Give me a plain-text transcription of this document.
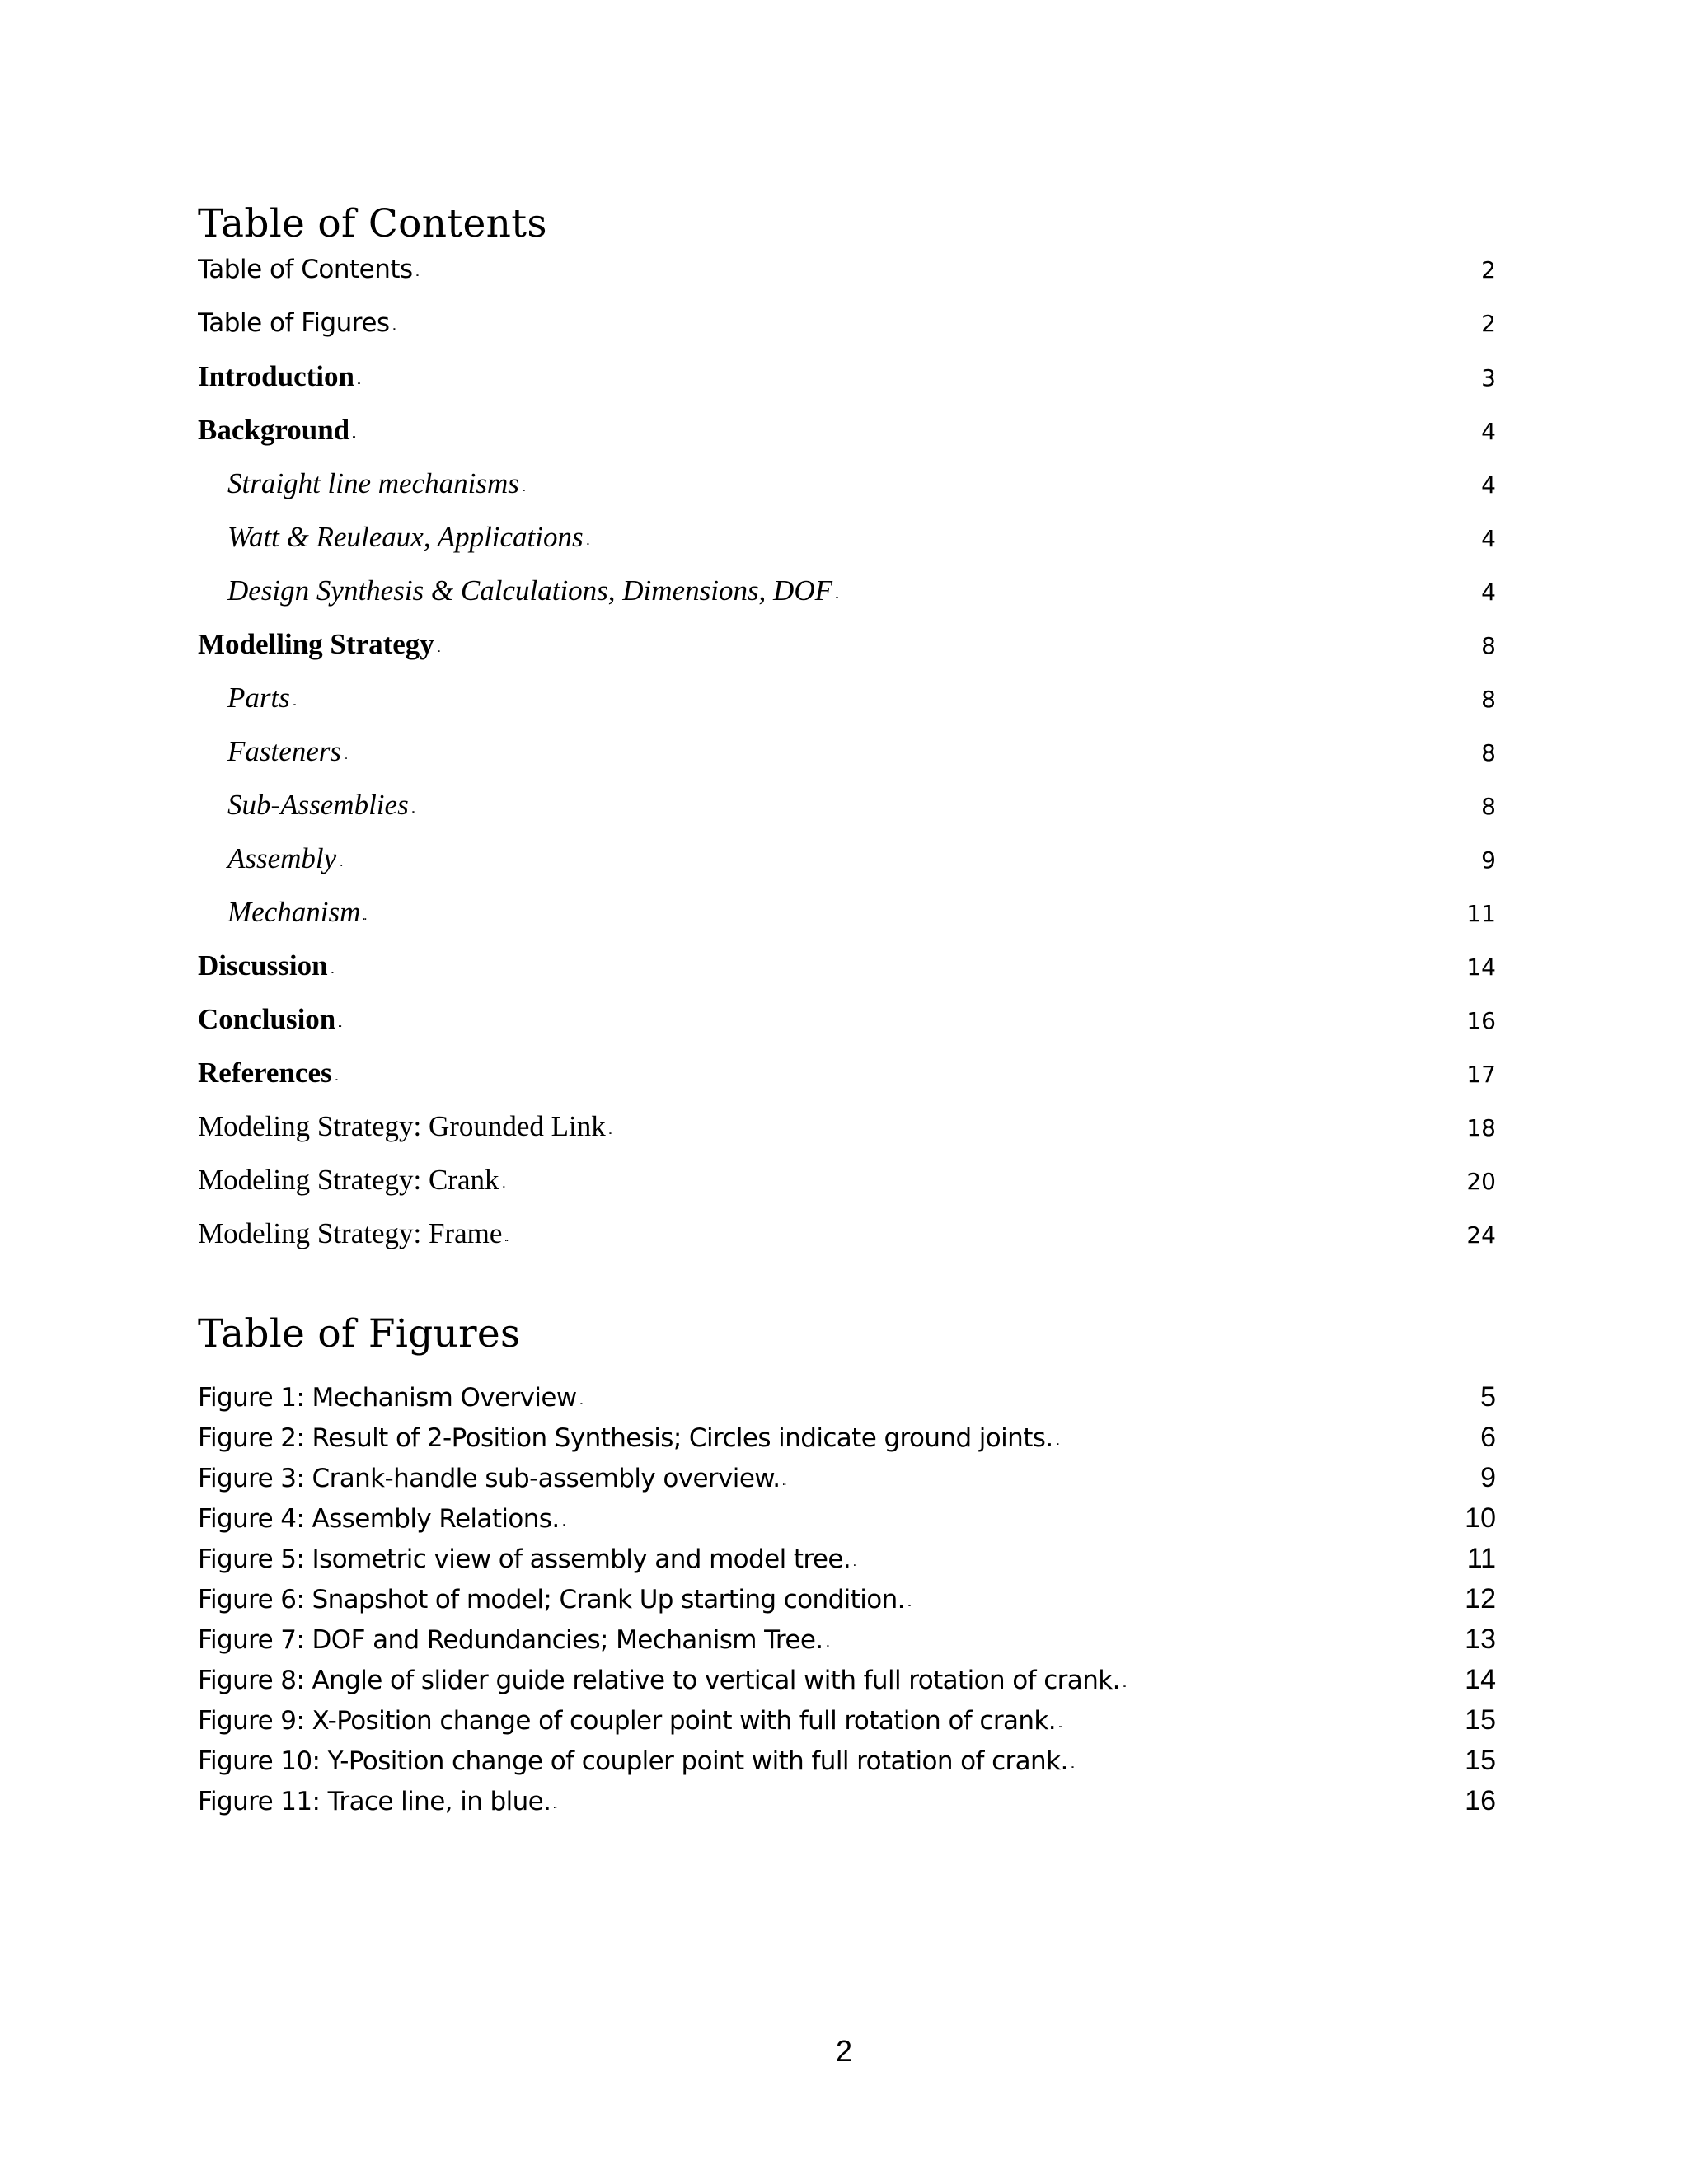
Table of Contents
Table of Contents . . .	2
Table of Figures . . .	2
Introduction . . .	3
Background . . .	4
Straight line mechanisms . . .	4
Watt & Reuleaux, Applications . . .	4
Design Synthesis & Calculations, Dimensions, DOF . . .	4
Modelling Strategy . . .	8
Parts . . .	8
Fasteners . . .	8
Sub-Assemblies . . .	8
Assembly . . .	9
Mechanism . . .	11
Discussion . . .	14
Conclusion . . .	16
References . . .	17
Modeling Strategy: Grounded Link . . .	18
Modeling Strategy: Crank . . .	20
Modeling Strategy: Frame . . .	24
Table of Figures
Figure 1: Mechanism Overview . . .	5
Figure 2: Result of 2-Position Synthesis; Circles indicate ground joints. . . .	6
Figure 3: Crank-handle sub-assembly overview. . . .	9
Figure 4: Assembly Relations. . . .	10
Figure 5: Isometric view of assembly and model tree. . . .	11
Figure 6: Snapshot of model; Crank Up starting condition. . . .	12
Figure 7: DOF and Redundancies; Mechanism Tree. . . .	13
Figure 8: Angle of slider guide relative to vertical with full rotation of crank. . . .	14
Figure 9: X-Position change of coupler point with full rotation of crank. . . .	15
Figure 10: Y-Position change of coupler point with full rotation of crank. . . .	15
Figure 11: Trace line, in blue. . . .	16
2
